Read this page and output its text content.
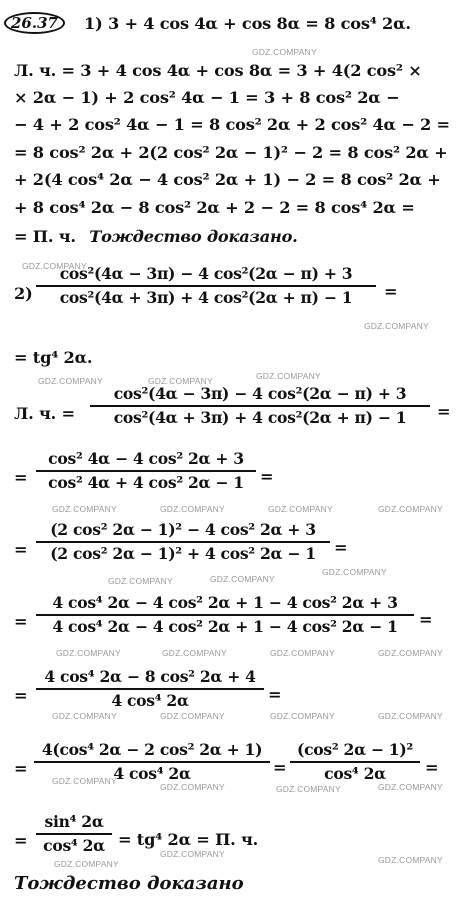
26.37	1) 3 + 4 cos 4α + cos 8α = 8 cos⁴ 2α.
Л. ч. = 3 + 4 cos 4α + cos 8α = 3 + 4(2 cos² ×
× 2α − 1) + 2 cos² 4α − 1 = 3 + 8 cos² 2α −
− 4 + 2 cos² 4α − 1 = 8 cos² 2α + 2 cos² 4α − 2 =
= 8 cos² 2α + 2(2 cos² 2α − 1)² − 2 = 8 cos² 2α +
+ 2(4 cos⁴ 2α − 4 cos² 2α + 1) − 2 = 8 cos² 2α +
+ 8 cos⁴ 2α − 8 cos² 2α + 2 − 2 = 8 cos⁴ 2α =
= П. ч. Тождество доказано.
2)
cos²(4α − 3π) − 4 cos²(2α − π) + 3
cos²(4α + 3π) + 4 cos²(2α + π) − 1 =
= tg⁴ 2α.
Л. ч. =
cos²(4α − 3π) − 4 cos²(2α − π) + 3
cos²(4α + 3π) + 4 cos²(2α + π) − 1 =
=
cos² 4α − 4 cos² 2α + 3
cos² 4α + 4 cos² 2α − 1 =
=
(2 cos² 2α − 1)² − 4 cos² 2α + 3
(2 cos² 2α − 1)² + 4 cos² 2α − 1 =
=
4 cos⁴ 2α − 4 cos² 2α + 1 − 4 cos² 2α + 3
4 cos⁴ 2α − 4 cos² 2α + 1 − 4 cos² 2α − 1 =
=
4 cos⁴ 2α − 8 cos² 2α + 4
4 cos⁴ 2α	=
=
4(cos⁴ 2α − 2 cos² 2α + 1)
4 cos⁴ 2α	=
(cos² 2α − 1)²
cos⁴ 2α =
=
sin⁴ 2α
cos⁴ 2α = tg⁴ 2α = П. ч.
Тождество доказано
GDZ.COMPANY
GDZ.COMPANY
GDZ.COMPANY
GDZ.COMPANY	GDZ.COMPANY	GDZ.COMPANY
GDZ.COMPANY	GDZ.COMPANY	GDZ.COMPANY	GDZ.COMPANY
GDZ.COMPANY	GDZ.COMPANY
GDZ.COMPANY
GDZ.COMPANY	GDZ.COMPANY	GDZ.COMPANY	GDZ.COMPANY
GDZ.COMPANY	GDZ.COMPANY	GDZ.COMPANY	GDZ.COMPANY
GDZ.COMPANY
GDZ.COMPANY	GDZ.COMPANY	GDZ.COMPANY
GDZ.COMPANY
GDZ.COMPANY
GDZ.COMPANY
